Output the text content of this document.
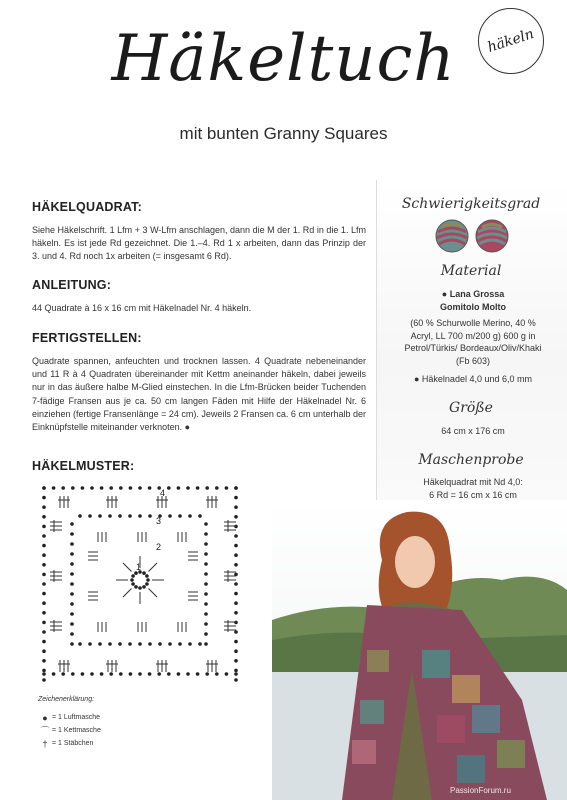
häkeln
Häkeltuch
mit bunten Granny Squares
HÄKELQUADRAT:

Siehe Häkelschrift. 1 Lfm + 3 W-Lfm anschlagen, dann die M der 1. Rd in die 1. Lfm häkeln. Es ist jede Rd gezeichnet. Die 1.–4. Rd 1 x arbeiten, dann das Prinzip der 3. und 4. Rd noch 1x arbeiten (= insgesamt 6 Rd).

ANLEITUNG:

44 Quadrate à 16 x 16 cm mit Häkelnadel Nr. 4 häkeln.

FERTIGSTELLEN:

Quadrate spannen, anfeuchten und trocknen lassen. 4 Quadrate nebeneinander und 11 R à 4 Quadraten übereinander mit Kettm aneinander häkeln, dabei jeweils nur in das äußere halbe M-Glied einstechen. In die Lfm-Brücken beider Tuchenden 7-fädige Fransen aus je ca. 50 cm langen Fäden mit Hilfe der Häkelnadel Nr. 6 einziehen (fertige Fransenlänge = 24 cm). Jeweils 2 Fransen ca. 6 cm unterhalb der Einknüpfstelle miteinander verknoten. ●

HÄKELMUSTER:
1
2
3
4
Zeichenerklärung:
● = 1 Luftmasche
⌒ = 1 Kettmasche
† = 1 Stäbchen
Schwierigkeitsgrad
Material
● Lana Grossa
Gomitolo Molto
(60 % Schurwolle Merino, 40 % Acryl, LL 700 m/200 g) 600 g in Petrol/Türkis/ Bordeaux/Oliv/Khaki (Fb 603)
● Häkelnadel 4,0 und 6,0 mm
Größe
64 cm x 176 cm
Maschenprobe
Häkelquadrat mit Nd 4,0:
6 Rd = 16 cm x 16 cm
PassionForum.ru
